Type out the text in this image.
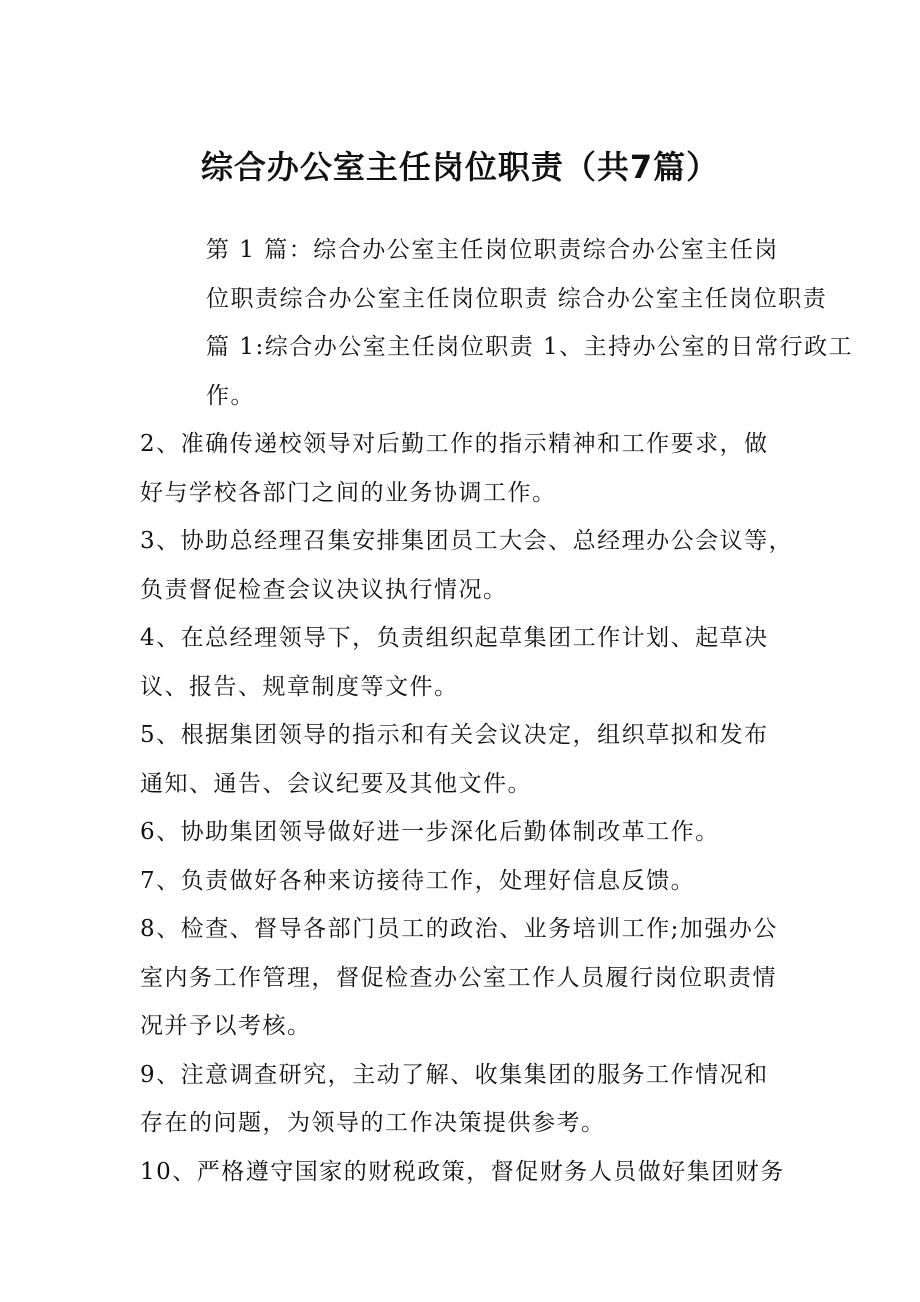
综合办公室主任岗位职责（共7篇）

第 1 篇：综合办公室主任岗位职责综合办公室主任岗
位职责综合办公室主任岗位职责 综合办公室主任岗位职责
篇 1:综合办公室主任岗位职责 1、主持办公室的日常行政工
作。

2、准确传递校领导对后勤工作的指示精神和工作要求，做
好与学校各部门之间的业务协调工作。

3、协助总经理召集安排集团员工大会、总经理办公会议等，
负责督促检查会议决议执行情况。

4、在总经理领导下，负责组织起草集团工作计划、起草决
议、报告、规章制度等文件。

5、根据集团领导的指示和有关会议决定，组织草拟和发布
通知、通告、会议纪要及其他文件。

6、协助集团领导做好进一步深化后勤体制改革工作。

7、负责做好各种来访接待工作，处理好信息反馈。

8、检查、督导各部门员工的政治、业务培训工作;加强办公
室内务工作管理，督促检查办公室工作人员履行岗位职责情
况并予以考核。

9、注意调查研究，主动了解、收集集团的服务工作情况和
存在的问题，为领导的工作决策提供参考。

10、严格遵守国家的财税政策，督促财务人员做好集团财务
